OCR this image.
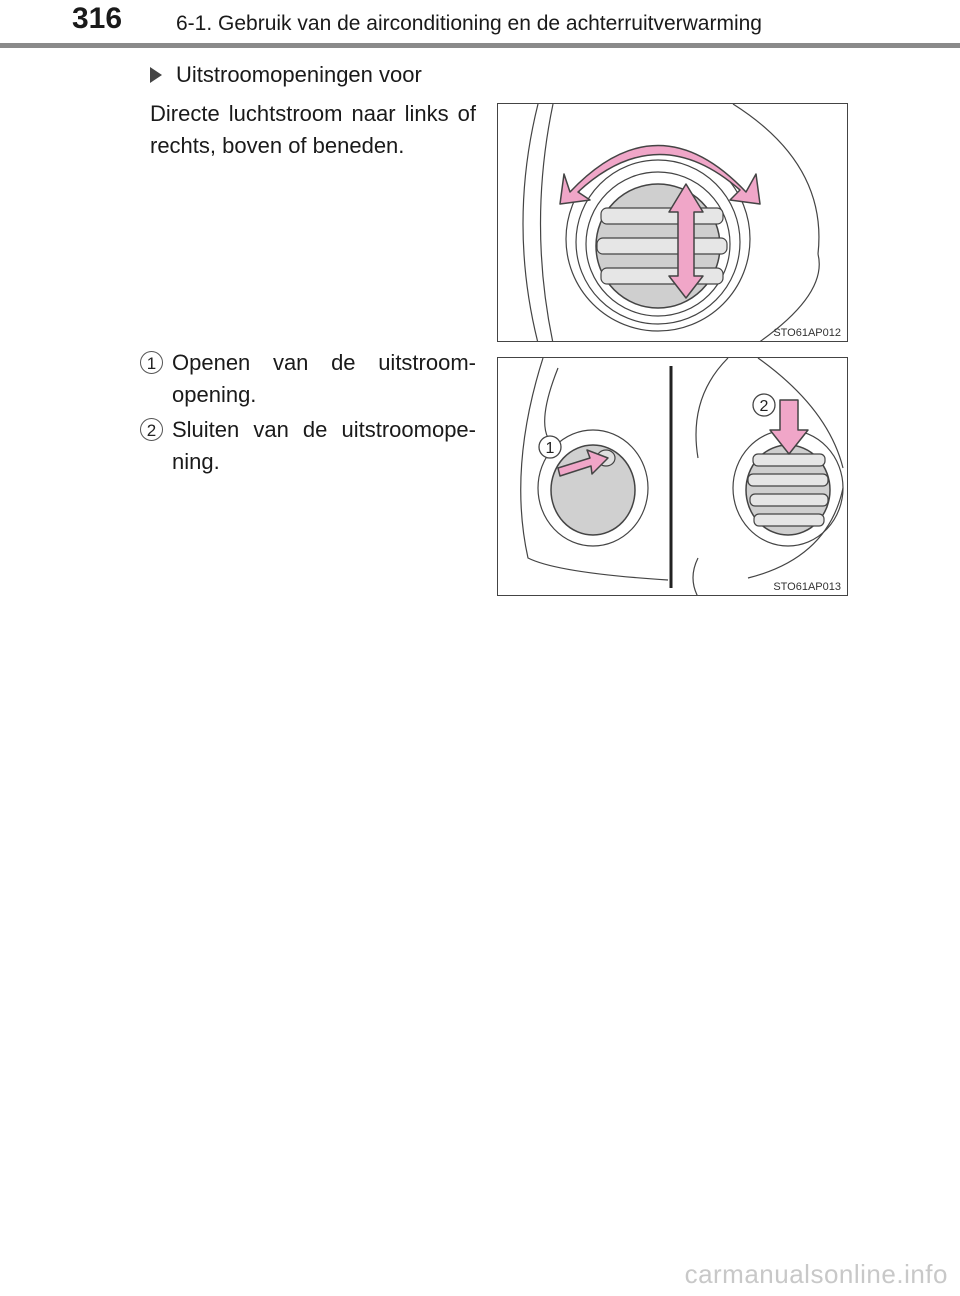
316	6-1. Gebruik van de airconditioning en de achterruitverwarming
Uitstroomopeningen voor
Directe luchtstroom naar links of rechts, boven of beneden.
1 Openen van de uitstroom-opening.
2 Sluiten van de uitstroomope-ning.
STO61AP012
1
2
STO61AP013
carmanualsonline.info
